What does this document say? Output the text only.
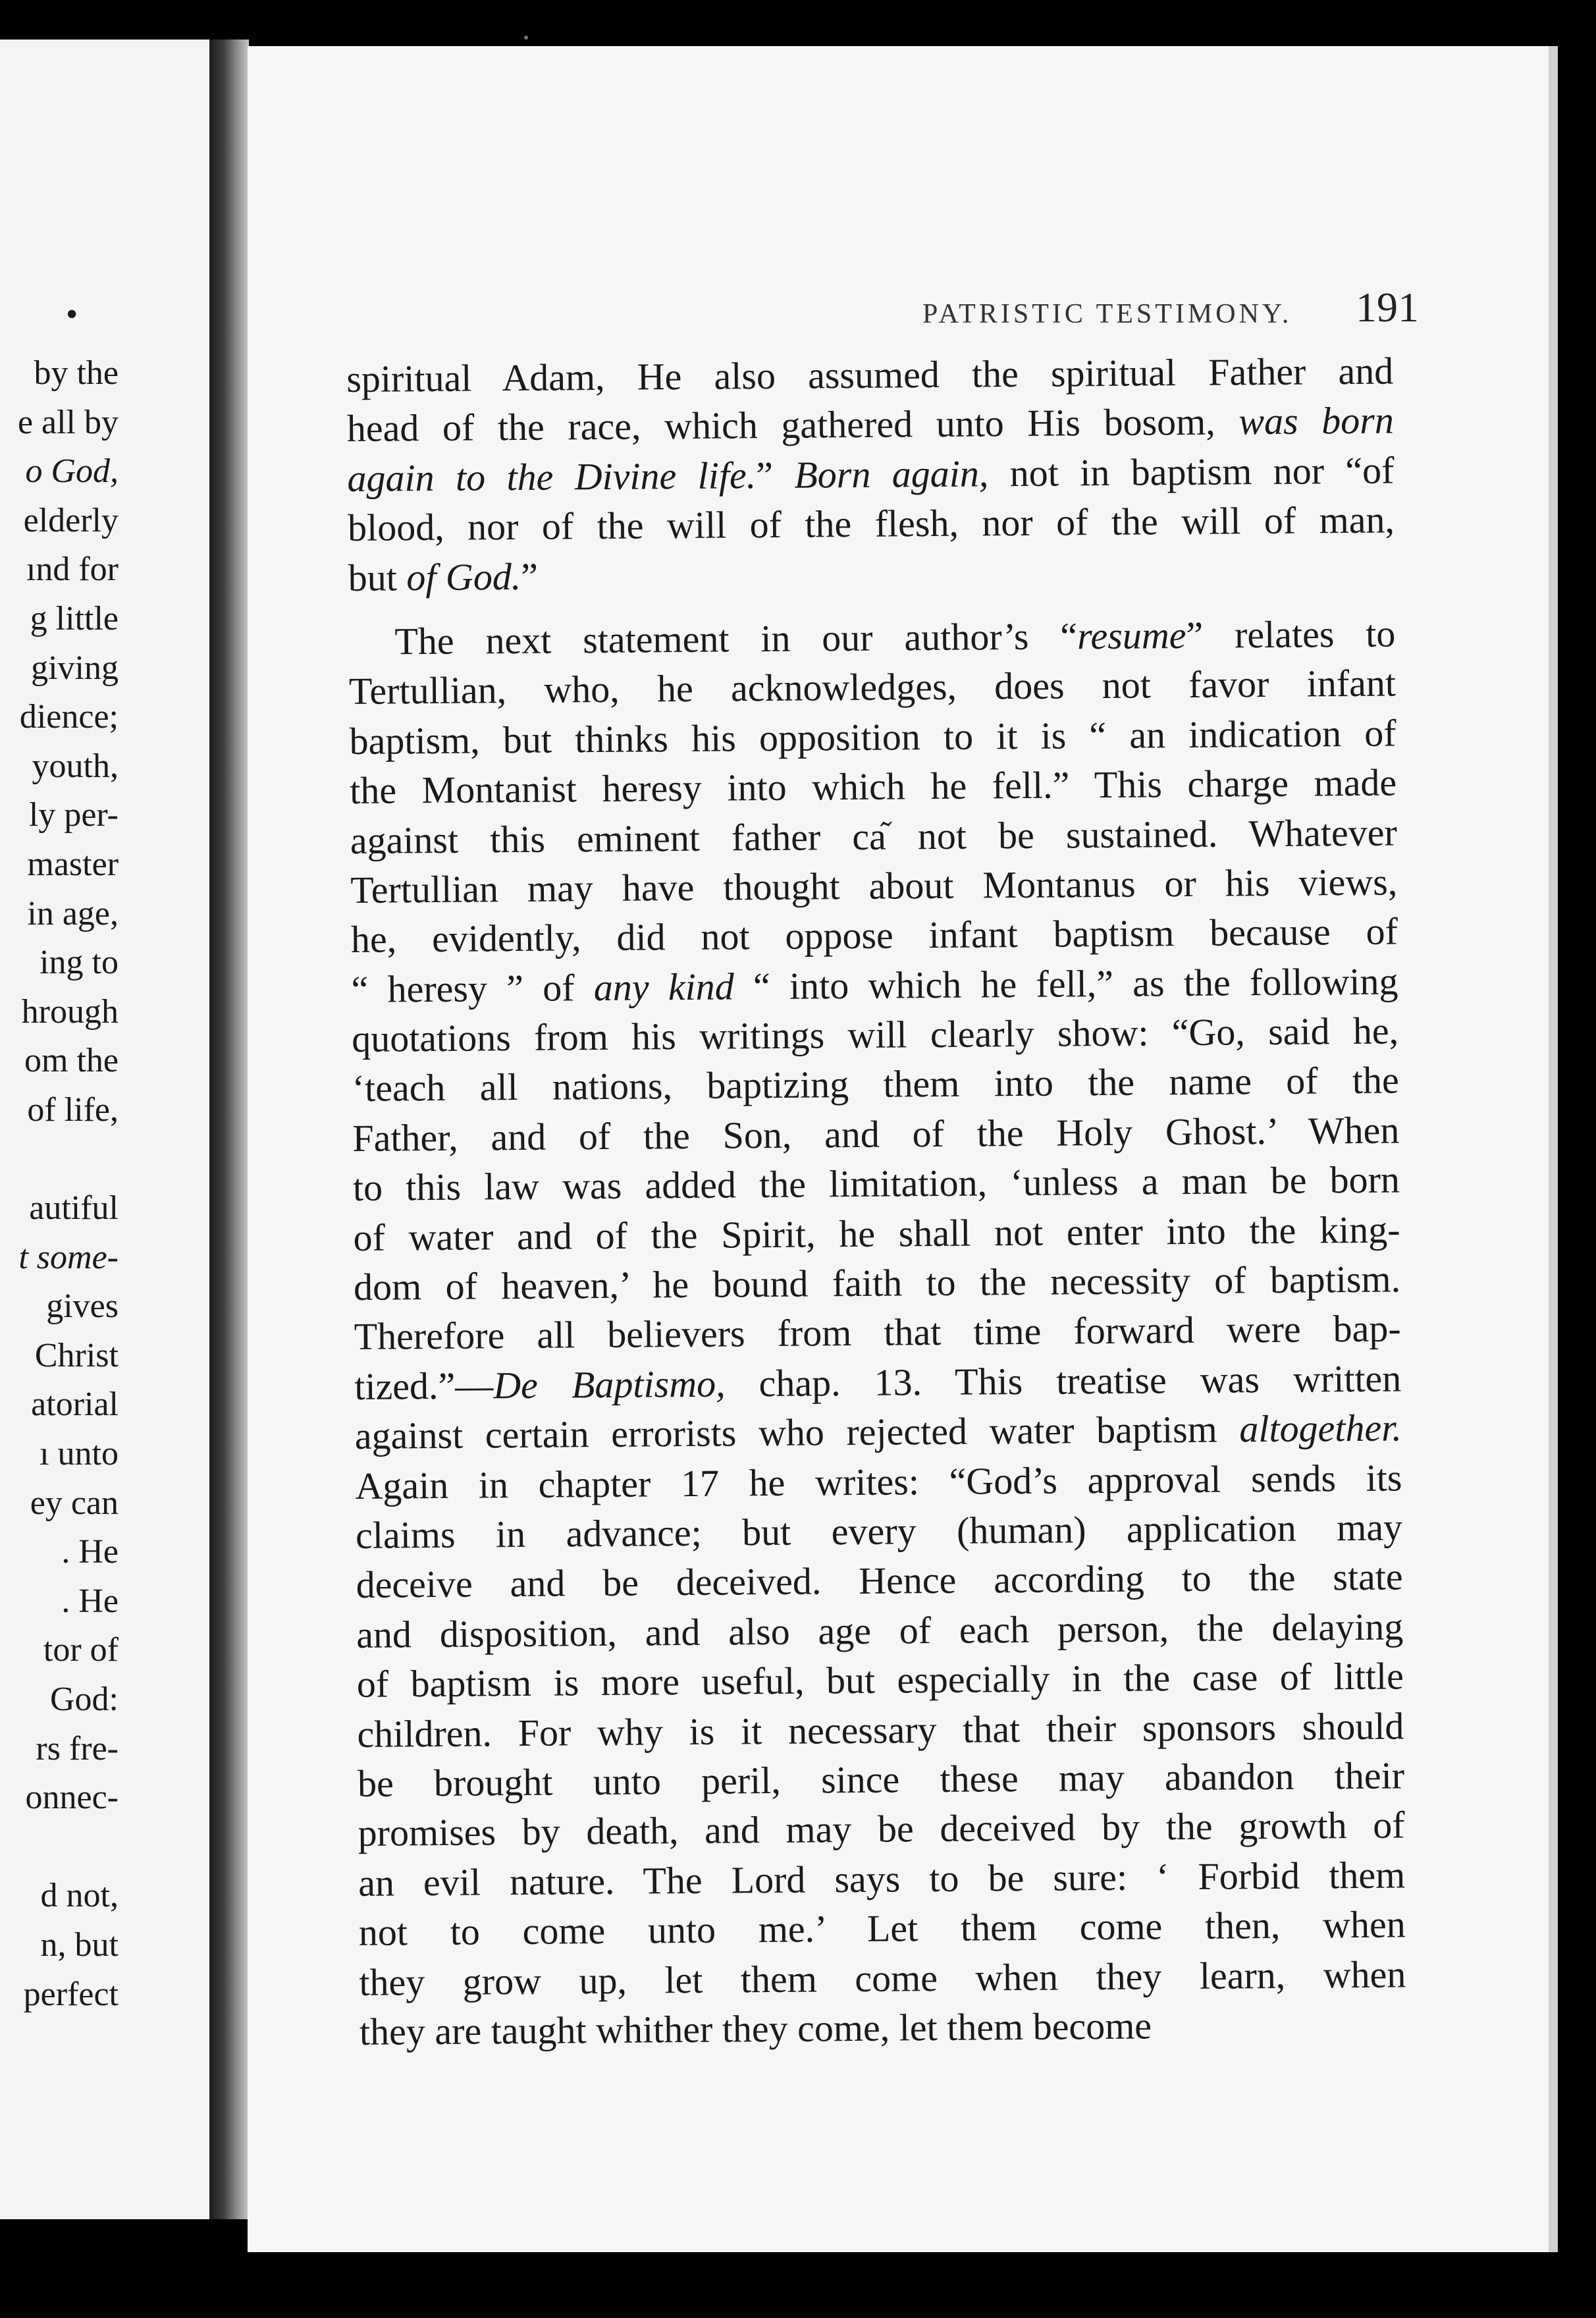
•
by the
e all by
o God,
elderly
ınd for
g little
giving
dience;
youth,
ly per-
master
in age,
ing to
hrough
om the
of life,
autiful
t some-
gives
Christ
atorial
ı unto
ey can
. He
. He
tor of
God:
rs fre-
onnec-
d not,
n, but
perfect
PATRISTIC TESTIMONY. 191
spiritual Adam, He also assumed the spiritual Father and
head of the race, which gathered unto His bosom, was born
again to the Divine life.” Born again, not in baptism nor “of
blood, nor of the will of the flesh, nor of the will of man,
but of God.”
The next statement in our author’s “resume” relates to
Tertullian, who, he acknowledges, does not favor infant
baptism, but thinks his opposition to it is “ an indication of
the Montanist heresy into which he fell.” This charge made
against this eminent father ca᷉ not be sustained. Whatever
Tertullian may have thought about Montanus or his views,
he, evidently, did not oppose infant baptism because of
“ heresy ” of any kind “ into which he fell,” as the following
quotations from his writings will clearly show: “Go, said he,
‘teach all nations, baptizing them into the name of the
Father, and of the Son, and of the Holy Ghost.’ When
to this law was added the limitation, ‘unless a man be born
of water and of the Spirit, he shall not enter into the king-
dom of heaven,’ he bound faith to the necessity of baptism.
Therefore all believers from that time forward were bap-
tized.”—De Baptismo, chap. 13. This treatise was written
against certain errorists who rejected water baptism altogether.
Again in chapter 17 he writes: “God’s approval sends its
claims in advance; but every (human) application may
deceive and be deceived. Hence according to the state
and disposition, and also age of each person, the delaying
of baptism is more useful, but especially in the case of little
children. For why is it necessary that their sponsors should
be brought unto peril, since these may abandon their
promises by death, and may be deceived by the growth of
an evil nature. The Lord says to be sure: ‘ Forbid them
not to come unto me.’ Let them come then, when
they grow up, let them come when they learn, when
they are taught whither they come, let them become
